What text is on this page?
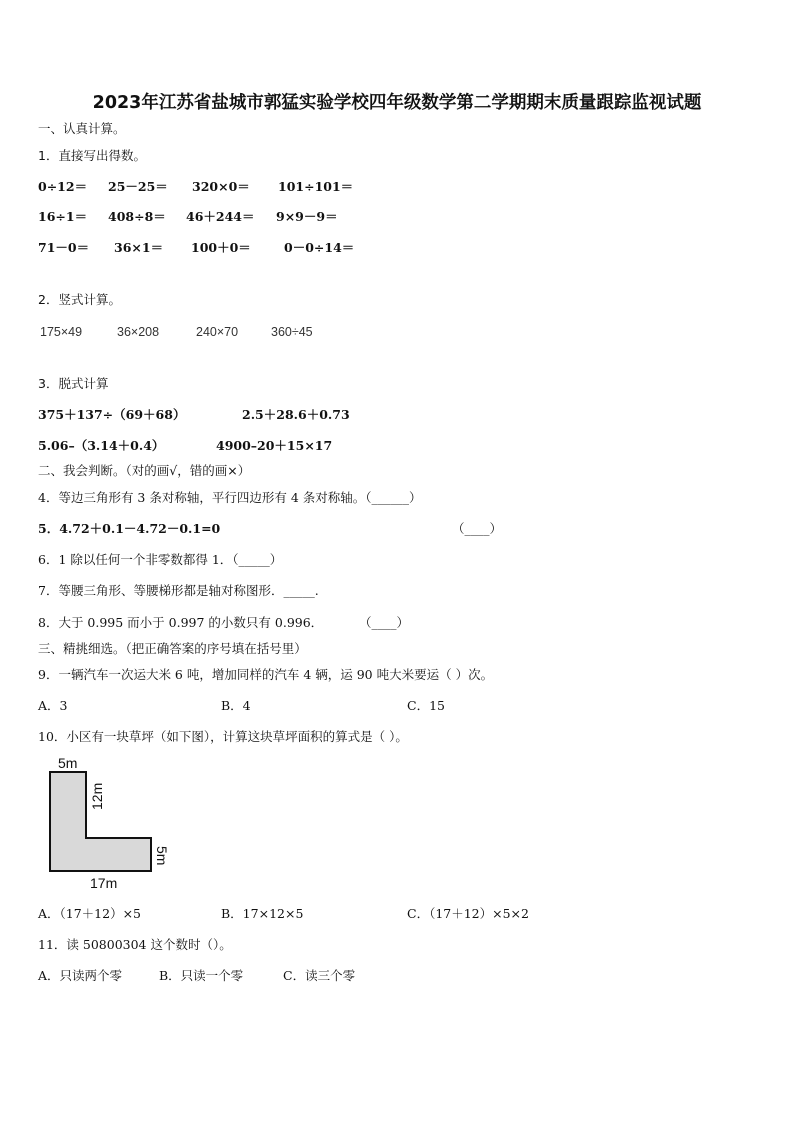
2023年江苏省盐城市郭猛实验学校四年级数学第二学期期末质量跟踪监视试题
一、认真计算。
1．直接写出得数。
0÷12＝ 25－25＝ 320×0＝ 101÷101＝
16÷1＝ 408÷8＝ 46＋244＝ 9×9－9＝
71－0＝ 36×1＝ 100＋0＝	0－0÷14＝
2．竖式计算。
175×49	36×208	240×70	360÷45
3．脱式计算
375＋137÷（69＋68）	2.5＋28.6＋0.73
5.06–（3.14＋0.4）	4900–20＋15×17
二、我会判断。（对的画√，错的画×）
4．等边三角形有 3 条对称轴，平行四边形有 4 条对称轴。（______）
5．4.72＋0.1－4.72－0.1=0	（____）
6．1 除以任何一个非零数都得 1．（_____）
7．等腰三角形、等腰梯形都是轴对称图形．_____.
8．大于 0.995 而小于 0.997 的小数只有 0.996．	（____）
三、精挑细选。（把正确答案的序号填在括号里）
9．一辆汽车一次运大米 6 吨，增加同样的汽车 4 辆，运 90 吨大米要运（ ）次。
A．3	B．4	C．15
10．小区有一块草坪（如下图），计算这块草坪面积的算式是（ ）。
5m
12m
5m
17m
A．（17＋12）×5	B．17×12×5	C．（17＋12）×5×2
11．读 50800304 这个数时（）。
A．只读两个零	B．只读一个零	C．读三个零
